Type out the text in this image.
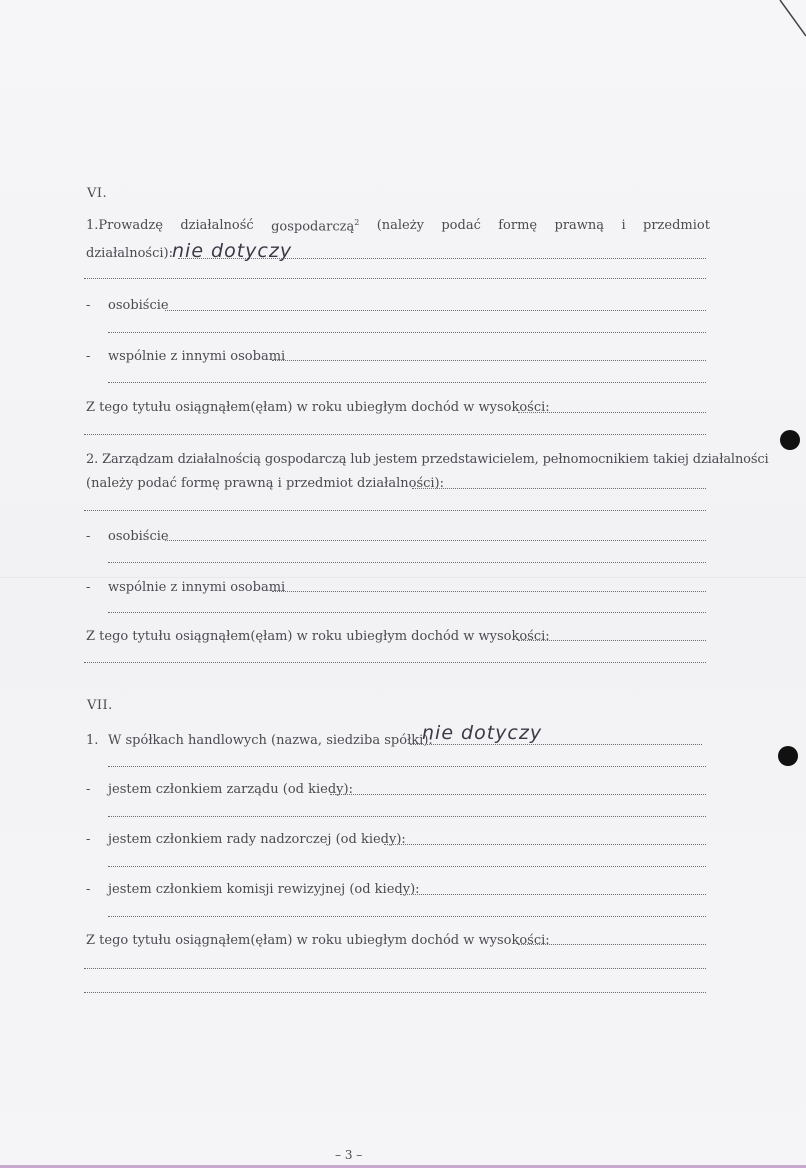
VI.
1.Prowadzę działalność gospodarczą$^2$ (należy podać formę prawną i przedmiot
działalności): nie dotyczy
- osobiście
- wspólnie z innymi osobami
Z tego tytułu osiągnąłem(ęłam) w roku ubiegłym dochód w wysokości:
2. Zarządzam działalnością gospodarczą lub jestem przedstawicielem, pełnomocnikiem takiej działalności
(należy podać formę prawną i przedmiot działalności):
- osobiście
- wspólnie z innymi osobami
Z tego tytułu osiągnąłem(ęłam) w roku ubiegłym dochód w wysokości:
VII.
1. W spółkach handlowych (nazwa, siedziba spółki):
nie dotyczy
- jestem członkiem zarządu (od kiedy):
- jestem członkiem rady nadzorczej (od kiedy):
- jestem członkiem komisji rewizyjnej (od kiedy):
Z tego tytułu osiągnąłem(ęłam) w roku ubiegłym dochód w wysokości:
– 3 –
